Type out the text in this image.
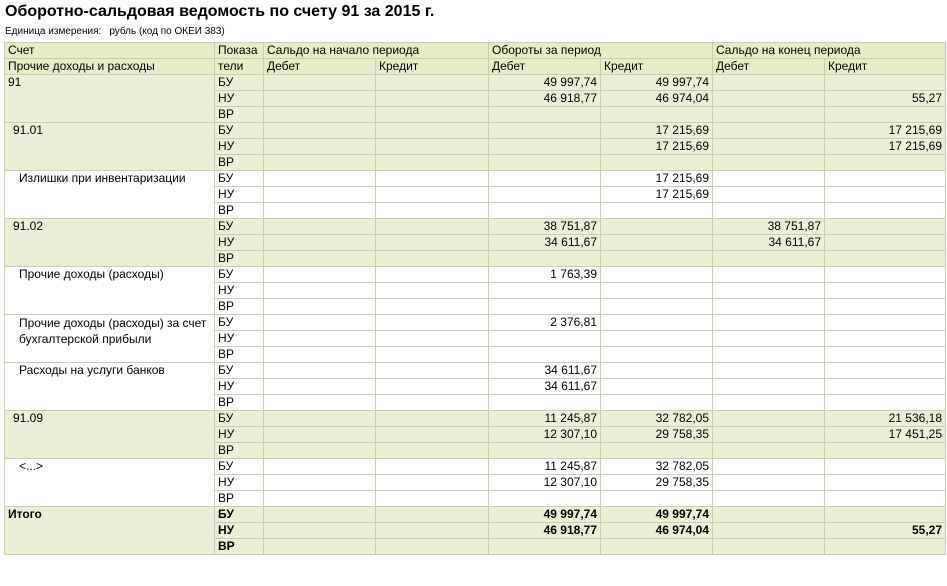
Оборотно-сальдовая ведомость по счету 91 за 2015 г.
Единица измерения: рубль (код по ОКЕИ 383)
Счет	Показа	Сальдо на начало периода		Обороты за период		Сальдо на конец периода	
Прочие доходы и расходы	тели	Дебет	Кредит	Дебет	Кредит	Дебет	Кредит
91	БУ			49 997,74	49 997,74		
	НУ			46 918,77	46 974,04		55,27
	ВР						
91.01	БУ				17 215,69		17 215,69
	НУ				17 215,69		17 215,69
	ВР						
Излишки при инвентаризации	БУ				17 215,69		
	НУ				17 215,69		
	ВР						
91.02	БУ			38 751,87		38 751,87	
	НУ			34 611,67		34 611,67	
	ВР						
Прочие доходы (расходы)	БУ			1 763,39			
	НУ						
	ВР						
Прочие доходы (расходы) за счет бухгалтерской прибыли	БУ			2 376,81			
	НУ						
	ВР						
Расходы на услуги банков	БУ			34 611,67			
	НУ			34 611,67			
	ВР						
91.09	БУ			11 245,87	32 782,05		21 536,18
	НУ			12 307,10	29 758,35		17 451,25
	ВР						
<...>	БУ			11 245,87	32 782,05		
	НУ			12 307,10	29 758,35		
	ВР						
Итого	БУ			49 997,74	49 997,74		
	НУ			46 918,77	46 974,04		55,27
	ВР						
